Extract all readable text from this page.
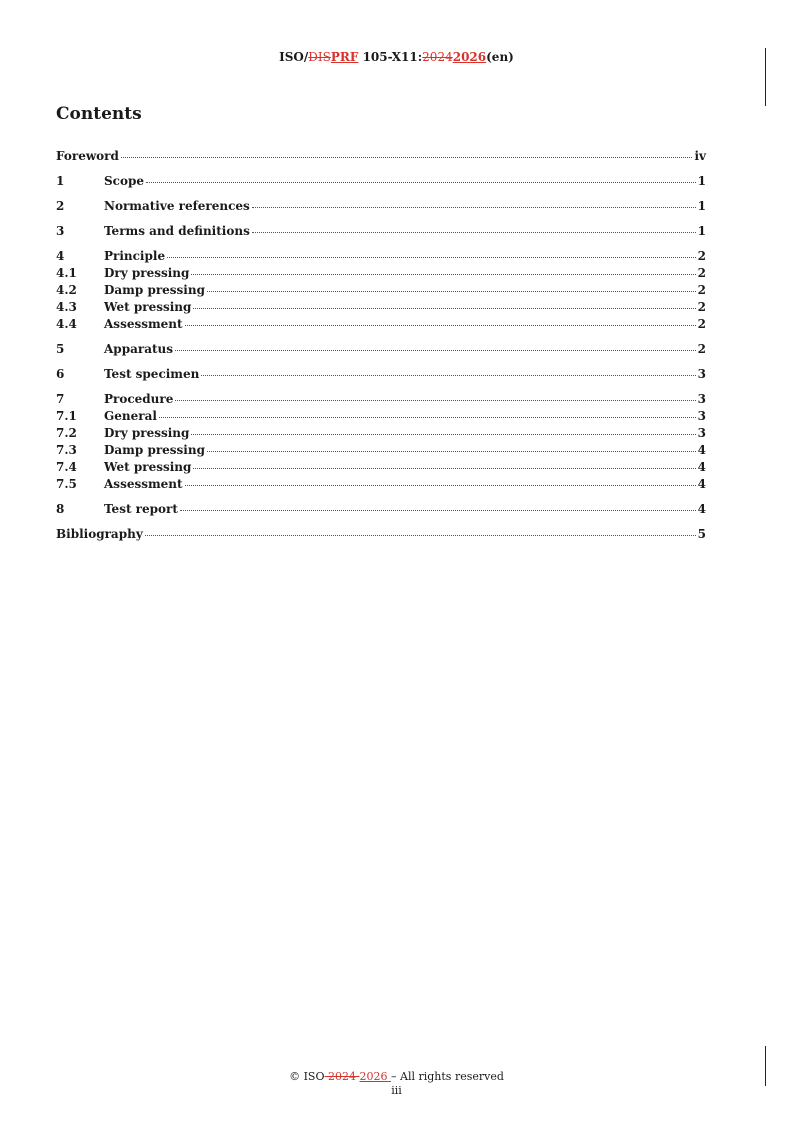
ISO/DISPRF 105-X11:20242026(en)
Contents
Foreword	iv
1	Scope	1
2	Normative references	1
3	Terms and definitions	1
4	Principle	2
4.1	Dry pressing	2
4.2	Damp pressing	2
4.3	Wet pressing	2
4.4	Assessment	2
5	Apparatus	2
6	Test specimen	3
7	Procedure	3
7.1	General	3
7.2	Dry pressing	3
7.3	Damp pressing	4
7.4	Wet pressing	4
7.5	Assessment	4
8	Test report	4
Bibliography	5
© ISO 2024 2026 – All rights reserved
iii
